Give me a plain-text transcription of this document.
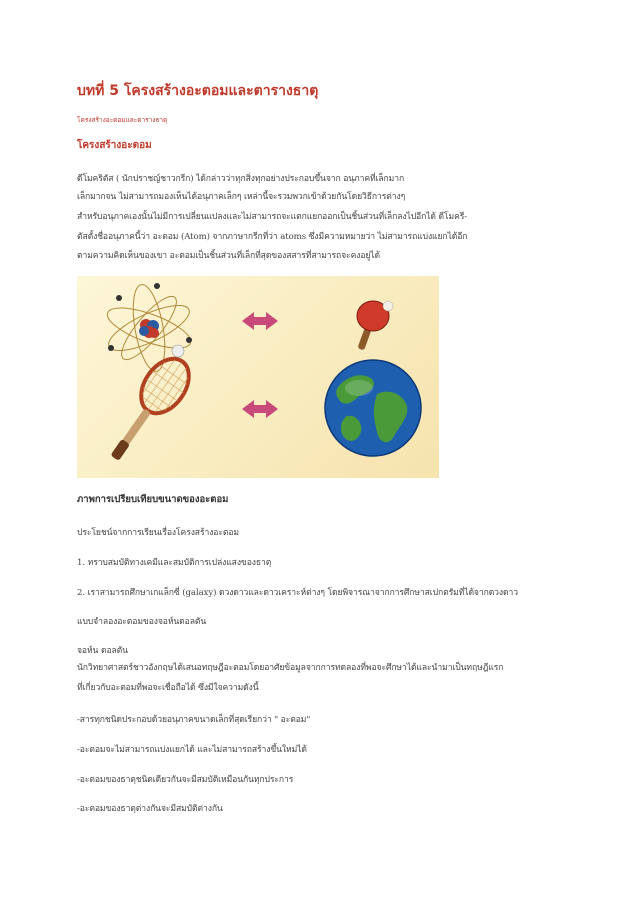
บทที่ 5 โครงสร้างอะตอมและตารางธาตุ
โครงสร้างอะตอมและตารางธาตุ
โครงสร้างอะตอม
ดีโมคริตัส ( นักปราชญ์ชาวกรีก) ได้กล่าวว่าทุกสิ่งทุกอย่างประกอบขึ้นจาก อนุภาคที่เล็กมาก
เล็กมากจน ไม่สามารถมองเห็นได้อนุภาคเล็กๆ เหล่านี้จะรวมพวกเข้าด้วยกันโดยวิธีการต่างๆ
สำหรับอนุภาคเองนั้นไม่มีการเปลี่ยนแปลงและไม่สามารถจะแตกแยกออกเป็นชิ้นส่วนที่เล็กลงไปอีกได้ ดีโมครี-
ตัสตั้งชื่ออนุภาคนี้ว่า อะตอม (Atom) จากภาษากรีกที่ว่า atoms ซึ่งมีความหมายว่า ไม่สามารถแบ่งแยกได้อีก
ตามความคิดเห็นของเขา อะตอมเป็นชิ้นส่วนที่เล็กที่สุดของสสารที่สามารถจะคงอยู่ได้
ภาพการเปรียบเทียบขนาดของอะตอม
ประโยชน์จากการเรียนเรื่องโครงสร้างอะตอม
1. ทราบสมบัติทางเคมีและสมบัติการเปล่งแสงของธาตุ
2. เราสามารถศึกษาเกแล็กซี่ (galaxy) ดวงดาวและดาวเคราะห์ต่างๆ โดยพิจารณาจากการศึกษาสเปกตรัมที่ได้จากดวงดาว
แบบจำลองอะตอมของจอห์นดอลตัน
จอห์น ดอลตัน
นักวิทยาศาสตร์ชาวอังกฤษได้เสนอทฤษฎีอะตอมโดยอาศัยข้อมูลจากการทดลองที่พอจะศึกษาได้และนำมาเป็นทฤษฎีแรก
ที่เกี่ยวกับอะตอมที่พอจะเชื่อถือได้ ซึ่งมีใจความดังนี้
-สารทุกชนิดประกอบด้วยอนุภาคขนาดเล็กที่สุดเรียกว่า " อะตอม"
-อะตอมจะไม่สามารถแบ่งแยกได้ และไม่สามารถสร้างขึ้นใหม่ได้
-อะตอมของธาตุชนิดเดียวกันจะมีสมบัติเหมือนกันทุกประการ
-อะตอมของธาตุต่างกันจะมีสมบัติต่างกัน
